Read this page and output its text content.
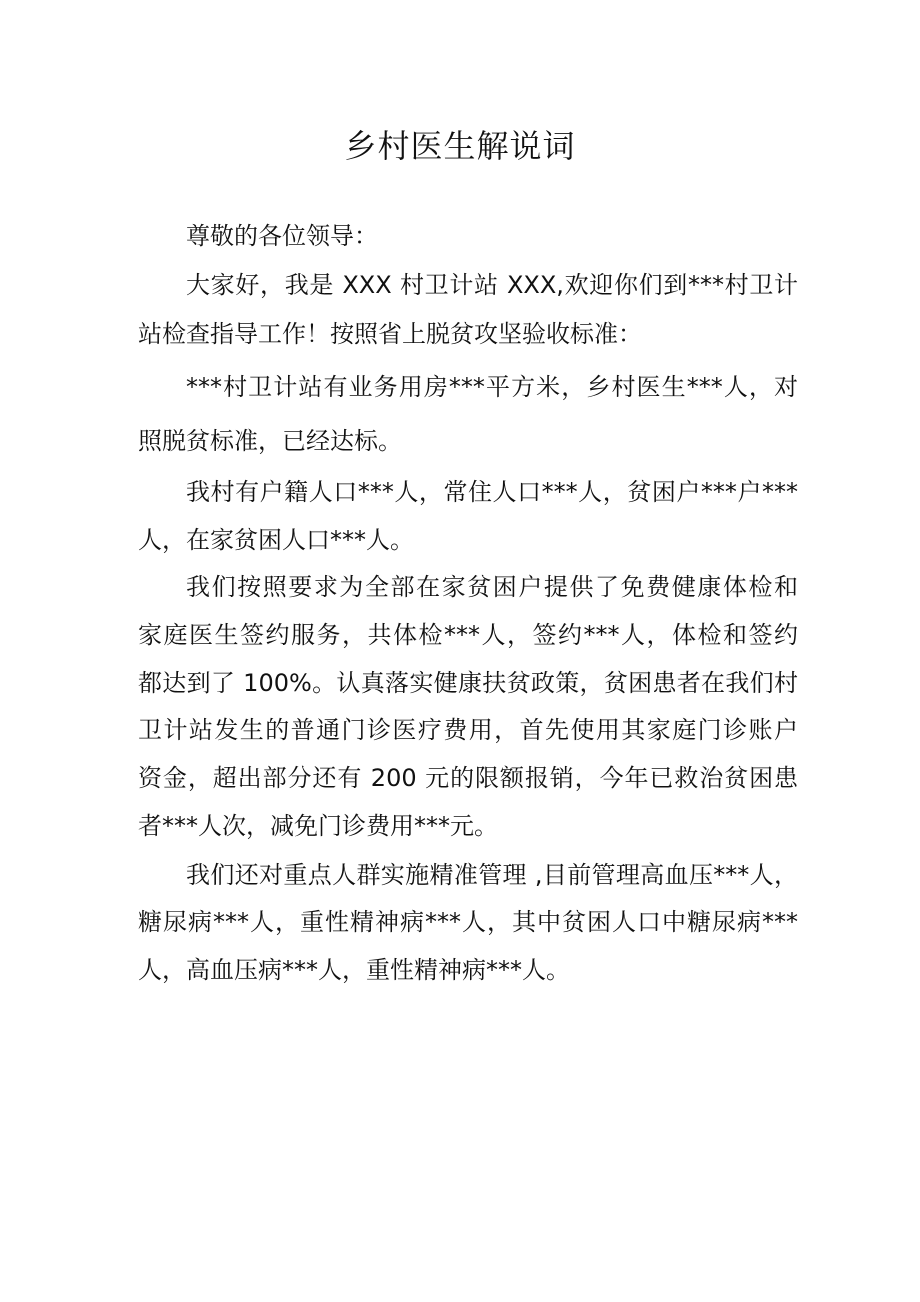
乡村医生解说词

尊敬的各位领导：

大家好，我是 XXX 村卫计站 XXX,欢迎你们到***村卫计

站检查指导工作！按照省上脱贫攻坚验收标准：

***村卫计站有业务用房***平方米，乡村医生***人，对

照脱贫标准，已经达标。

我村有户籍人口***人，常住人口***人，贫困户***户***

人，在家贫困人口***人。

我们按照要求为全部在家贫困户提供了免费健康体检和

家庭医生签约服务，共体检***人，签约***人，体检和签约

都达到了 100%。认真落实健康扶贫政策，贫困患者在我们村

卫计站发生的普通门诊医疗费用，首先使用其家庭门诊账户

资金，超出部分还有 200 元的限额报销，今年已救治贫困患

者***人次，减免门诊费用***元。

我们还对重点人群实施精准管理 ,目前管理高血压***人，

糖尿病***人，重性精神病***人，其中贫困人口中糖尿病***

人，高血压病***人，重性精神病***人。
